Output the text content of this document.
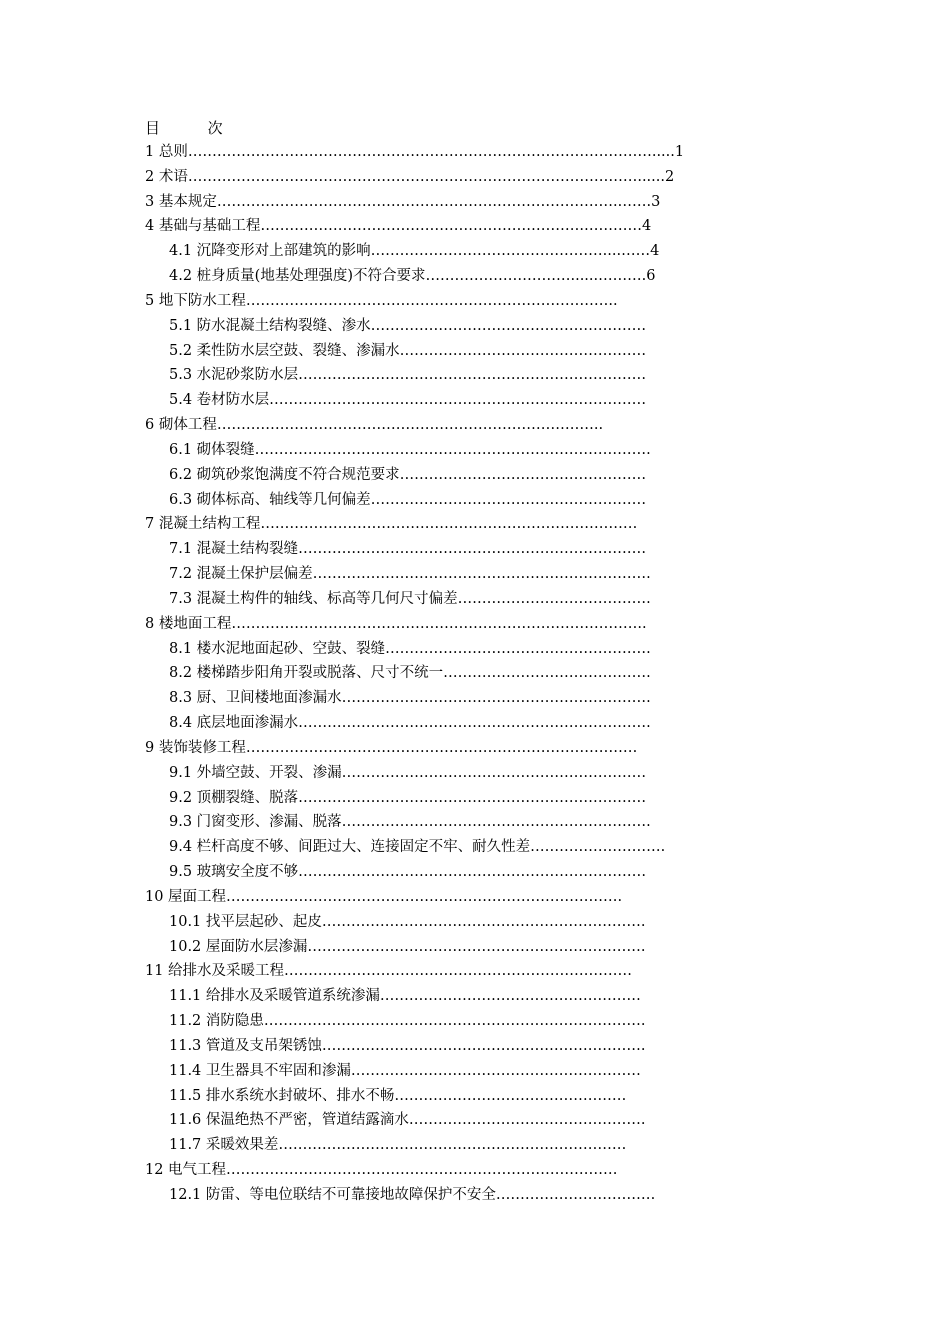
目          次
1 总则…………………………………………………………………………………….....1
2 术语…………………………………………………………………………………......2
3 基本规定………………………………………………….…………………….…….3
4 基础与基础工程………………………………………………………….…………4
4.1 沉降变形对上部建筑的影响…………………………………………....……4
4.2 桩身质量(地基处理强度)不符合要求…………………………......……….6
5 地下防水工程…………………………………………………………………..
5.1 防水混凝土结构裂缝、渗水…………………………………………………
5.2 柔性防水层空鼓、裂缝、渗漏水……………………………………………
5.3 水泥砂浆防水层………………………………………………………………
5.4 卷材防水层……………………………………………………………………
6 砌体工程……………………………………………………………………..
6.1 砌体裂缝……………………………………………………………………….
6.2 砌筑砂浆饱满度不符合规范要求……………………………………………
6.3 砌体标高、轴线等几何偏差…………………………………………………
7 混凝土结构工程……………………………………………………………………
7.1 混凝土结构裂缝………………………………………………………………
7.2 混凝土保护层偏差…………………………………………………………….
7.3 混凝土构件的轴线、标高等几何尺寸偏差………………………………….
8 楼地面工程…………………………………………………………………………..
8.1 楼水泥地面起砂、空鼓、裂缝……………………………………………….
8.2 楼梯踏步阳角开裂或脱落、尺寸不统一…………………………………….
8.3 厨、卫间楼地面渗漏水……………………………………………………….
8.4 底层地面渗漏水……………………………………………………………….
9 装饰装修工程………………………………………………………………………
9.1 外墙空鼓、开裂、渗漏………………………………………………………
9.2 顶棚裂缝、脱落………………………………………………………………
9.3 门窗变形、渗漏、脱落……………………………………………………….
9.4 栏杆高度不够、间距过大、连接固定不牢、耐久性差……………………….
9.5 玻璃安全度不够………………………………………………………………
10 屋面工程……………………………………………………………………….
10.1 找平层起砂、起皮………………………………………………………….
10.2 屋面防水层渗漏…………………………………………………………….
11 给排水及采暖工程………………………………………………………………
11.1 给排水及采暖管道系统渗漏………………………………………………
11.2 消防隐患…………………………………………………………………….
11.3 管道及支吊架锈蚀………………………………………………………….
11.4 卫生器具不牢固和渗漏……………………………………………………
11.5 排水系统水封破坏、排水不畅…………………………………………
11.6 保温绝热不严密，管道结露滴水………………………………………….
11.7 采暖效果差………………………………………………………………
12 电气工程………………………………………………………………………
12.1 防雷、等电位联结不可靠接地故障保护不安全……………………………
